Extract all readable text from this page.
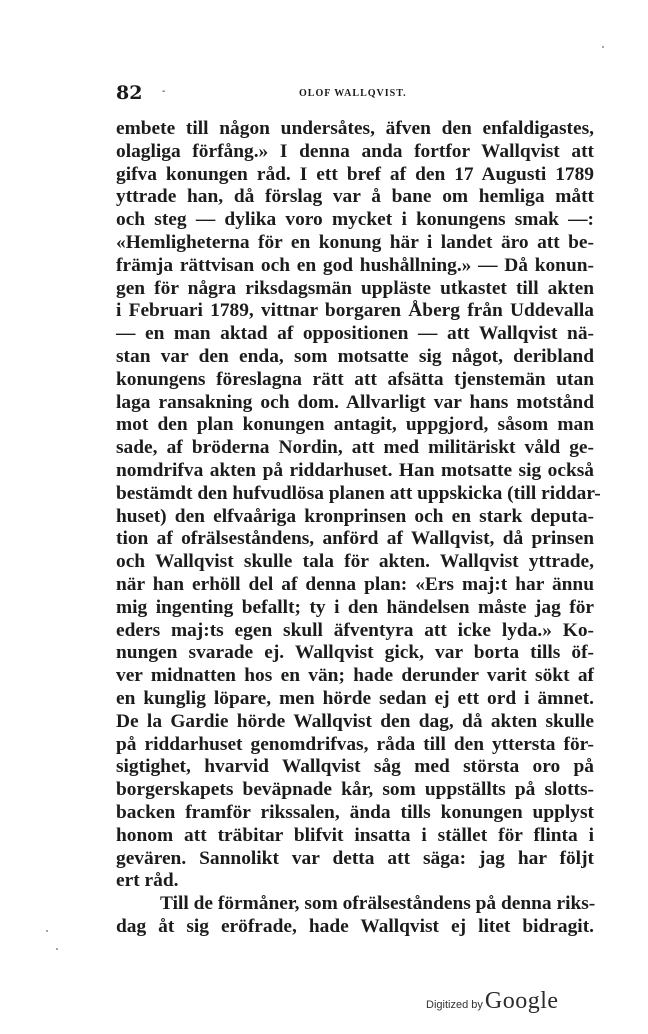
82 -	OLOF WALLQVIST.
embete till någon undersåtes, äfven den enfaldigastes,
olagliga förfång.» I denna anda fortfor Wallqvist att
gifva konungen råd. I ett bref af den 17 Augusti 1789
yttrade han, då förslag var å bane om hemliga mått
och steg — dylika voro mycket i konungens smak —:
«Hemligheterna för en konung här i landet äro att be-
främja rättvisan och en god hushållning.» — Då konun-
gen för några riksdagsmän uppläste utkastet till akten
i Februari 1789, vittnar borgaren Åberg från Uddevalla
— en man aktad af oppositionen — att Wallqvist nä-
stan var den enda, som motsatte sig något, deribland
konungens föreslagna rätt att afsätta tjenstemän utan
laga ransakning och dom. Allvarligt var hans motstånd
mot den plan konungen antagit, uppgjord, såsom man
sade, af bröderna Nordin, att med militäriskt våld ge-
nomdrifva akten på riddarhuset. Han motsatte sig också
bestämdt den hufvudlösa planen att uppskicka (till riddar-
huset) den elfvaåriga kronprinsen och en stark deputa-
tion af ofrälseståndens, anförd af Wallqvist, då prinsen
och Wallqvist skulle tala för akten. Wallqvist yttrade,
när han erhöll del af denna plan: «Ers maj:t har ännu
mig ingenting befallt; ty i den händelsen måste jag för
eders maj:ts egen skull äfventyra att icke lyda.» Ko-
nungen svarade ej. Wallqvist gick, var borta tills öf-
ver midnatten hos en vän; hade derunder varit sökt af
en kunglig löpare, men hörde sedan ej ett ord i ämnet.
De la Gardie hörde Wallqvist den dag, då akten skulle
på riddarhuset genomdrifvas, råda till den yttersta för-
sigtighet, hvarvid Wallqvist såg med största oro på
borgerskapets beväpnade kår, som uppställts på slotts-
backen framför rikssalen, ända tills konungen upplyst
honom att träbitar blifvit insatta i stället för flinta i
gevären. Sannolikt var detta att säga: jag har följt
ert råd.
Till de förmåner, som ofrälseståndens på denna riks-
dag åt sig eröfrade, hade Wallqvist ej litet bidragit.
Digitized by Google
